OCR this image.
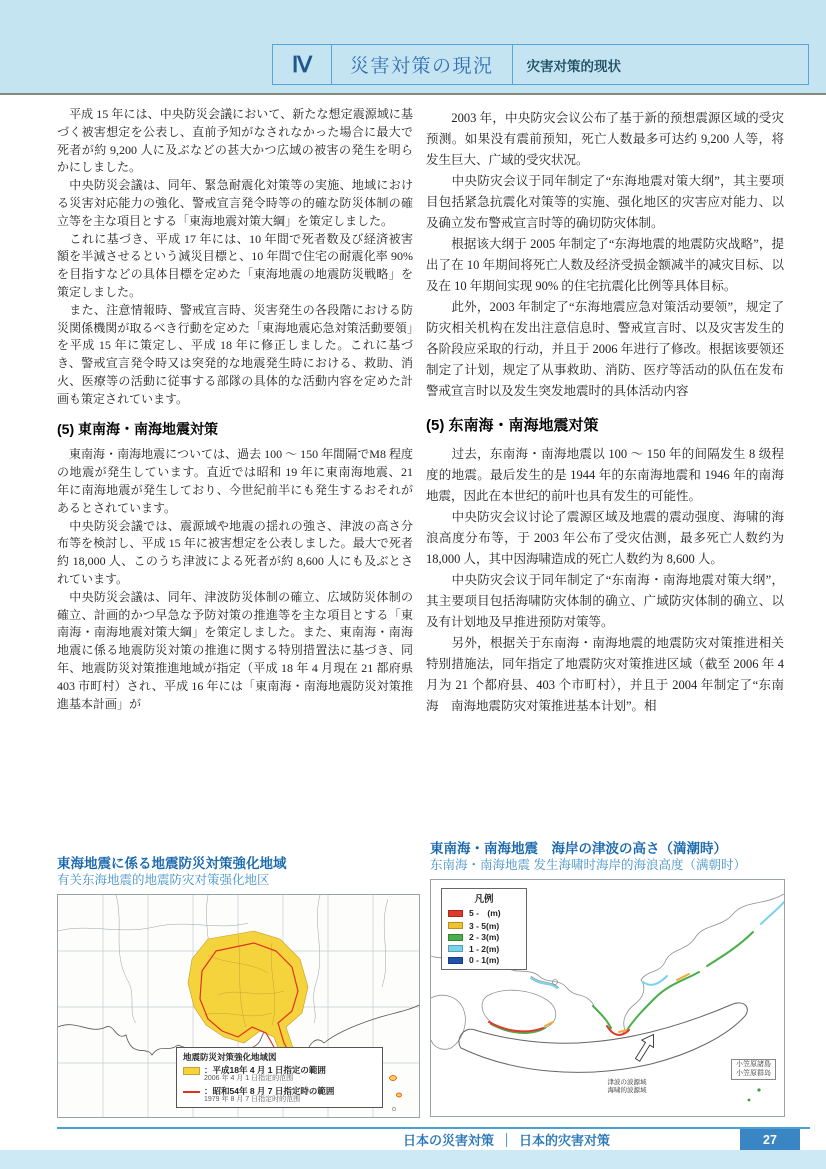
Ⅳ	災害対策の現況	灾害对策的现状

　平成 15 年には、中央防災会議において、新たな想定震源域に基づく被害想定を公表し、直前予知がなされなかった場合に最大で死者が約 9,200 人に及ぶなどの甚大かつ広域の被害の発生を明らかにしました。

　中央防災会議は、同年、緊急耐震化対策等の実施、地域における災害対応能力の強化、警戒宣言発令時等の的確な防災体制の確立等を主な項目とする「東海地震対策大綱」を策定しました。

　これに基づき、平成 17 年には、10 年間で死者数及び経済被害額を半減させるという減災目標と、10 年間で住宅の耐震化率 90% を目指すなどの具体目標を定めた「東海地震の地震防災戦略」を策定しました。

　また、注意情報時、警戒宣言時、災害発生の各段階における防災関係機関が取るべき行動を定めた「東海地震応急対策活動要領」を平成 15 年に策定し、平成 18 年に修正しました。これに基づき、警戒宣言発令時又は突発的な地震発生時における、救助、消火、医療等の活動に従事する部隊の具体的な活動内容を定めた計画も策定されています。

(5) 東南海・南海地震対策

　東南海・南海地震については、過去 100 〜 150 年間隔でM8 程度の地震が発生しています。直近では昭和 19 年に東南海地震、21 年に南海地震が発生しており、今世紀前半にも発生するおそれがあるとされています。

　中央防災会議では、震源域や地震の揺れの強さ、津波の高さ分布等を検討し、平成 15 年に被害想定を公表しました。最大で死者約 18,000 人、このうち津波による死者が約 8,600 人にも及ぶとされています。

　中央防災会議は、同年、津波防災体制の確立、広域防災体制の確立、計画的かつ早急な予防対策の推進等を主な項目とする「東南海・南海地震対策大綱」を策定しました。また、東南海・南海地震に係る地震防災対策の推進に関する特別措置法に基づき、同年、地震防災対策推進地域が指定（平成 18 年 4 月現在 21 都府県 403 市町村）され、平成 16 年には「東南海・南海地震防災対策推進基本計画」が

　　2003 年，中央防灾会议公布了基于新的预想震源区域的受灾预测。如果没有震前预知，死亡人数最多可达约 9,200 人等，将发生巨大、广域的受灾状况。

　　中央防灾会议于同年制定了“东海地震对策大纲”，其主要项目包括紧急抗震化对策等的实施、强化地区的灾害应对能力、以及确立发布警戒宣言时等的确切防灾体制。

　　根据该大纲于 2005 年制定了“东海地震的地震防灾战略”，提出了在 10 年期间将死亡人数及经济受损金额减半的减灾目标、以及在 10 年期间实现 90% 的住宅抗震化比例等具体目标。

　　此外，2003 年制定了“东海地震应急对策活动要领”，规定了防灾相关机构在发出注意信息时、警戒宣言时、以及灾害发生的各阶段应采取的行动，并且于 2006 年进行了修改。根据该要领还制定了计划，规定了从事救助、消防、医疗等活动的队伍在发布警戒宣言时以及发生突发地震时的具体活动内容

(5) 东南海・南海地震对策

　　过去，东南海・南海地震以 100 〜 150 年的间隔发生 8 级程度的地震。最后发生的是 1944 年的东南海地震和 1946 年的南海地震，因此在本世纪的前叶也具有发生的可能性。

　　中央防灾会议讨论了震源区域及地震的震动强度、海啸的海浪高度分布等，于 2003 年公布了受灾估测，最多死亡人数约为 18,000 人，其中因海啸造成的死亡人数约为 8,600 人。

　　中央防灾会议于同年制定了“东南海・南海地震对策大纲”，其主要项目包括海啸防灾体制的确立、广域防灾体制的确立、以及有计划地及早推进预防对策等。

　　另外，根据关于东南海・南海地震的地震防灾对策推进相关特别措施法，同年指定了地震防灾对策推进区域（截至 2006 年 4 月为 21 个都府县、403 个市町村），并且于 2004 年制定了“东南海　南海地震防灾对策推进基本计划”。相

東海地震に係る地震防災対策強化地域
有关东海地震的地震防灾对策强化地区
地震防災対策強化地域図
：平成18年 4 月 1 日指定の範囲
2006 年 4 月 1 日指定的范围
：昭和54年 8 月 7 日指定時の範囲
1979 年 8 月 7 日指定时的范围
東南海・南海地震　海岸の津波の高さ（満潮時）
东南海・南海地震 发生海啸时海岸的海浪高度（满朝时）
津波の波源域
海啸的波源域
凡例
5 -　(m)
3 - 5(m)
2 - 3(m)
1 - 2(m)
0 - 1(m)
小笠原諸島
小笠原群岛
日本の災害対策 日本的灾害对策	27
